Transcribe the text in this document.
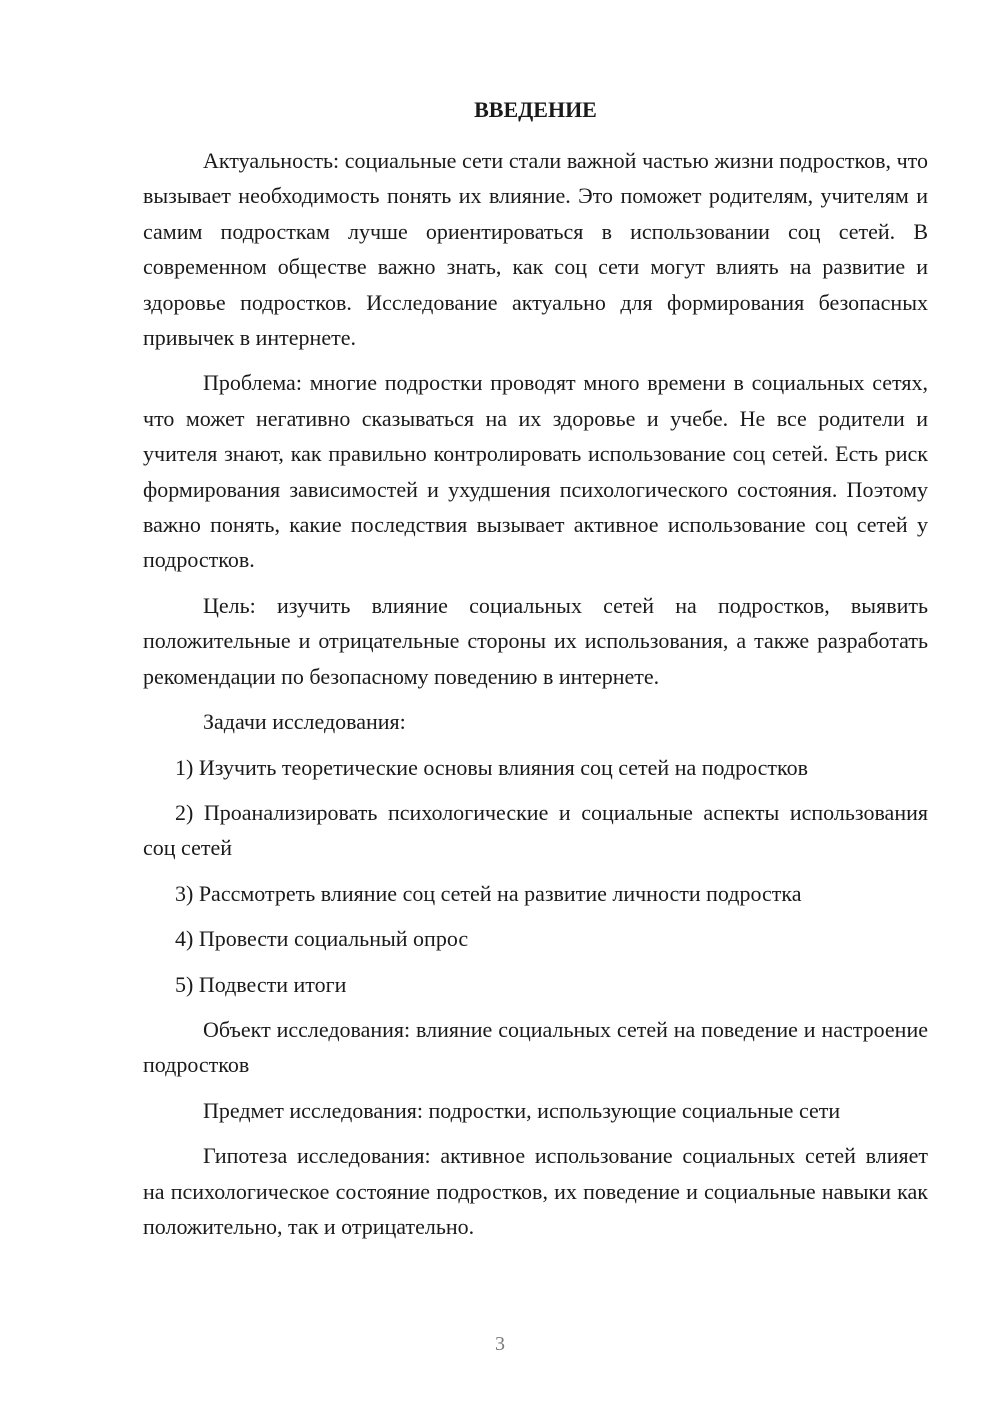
ВВЕДЕНИЕ

Актуальность: социальные сети стали важной частью жизни подростков, что вызывает необходимость понять их влияние. Это поможет родителям, учителям и самим подросткам лучше ориентироваться в использовании соц сетей. В современном обществе важно знать, как соц сети могут влиять на развитие и здоровье подростков. Исследование актуально для формирования безопасных привычек в интернете.

Проблема: многие подростки проводят много времени в социальных сетях, что может негативно сказываться на их здоровье и учебе. Не все родители и учителя знают, как правильно контролировать использование соц сетей. Есть риск формирования зависимостей и ухудшения психологического состояния. Поэтому важно понять, какие последствия вызывает активное использование соц сетей у подростков.

Цель: изучить влияние социальных сетей на подростков, выявить положительные и отрицательные стороны их использования, а также разработать рекомендации по безопасному поведению в интернете.

Задачи исследования:

1) Изучить теоретические основы влияния соц сетей на подростков

2) Проанализировать психологические и социальные аспекты использования соц сетей

3) Рассмотреть влияние соц сетей на развитие личности подростка

4) Провести социальный опрос

5) Подвести итоги

Объект исследования: влияние социальных сетей на поведение и настроение подростков

Предмет исследования: подростки, использующие социальные сети

Гипотеза исследования: активное использование социальных сетей влияет на психологическое состояние подростков, их поведение и социальные навыки как положительно, так и отрицательно.

3
